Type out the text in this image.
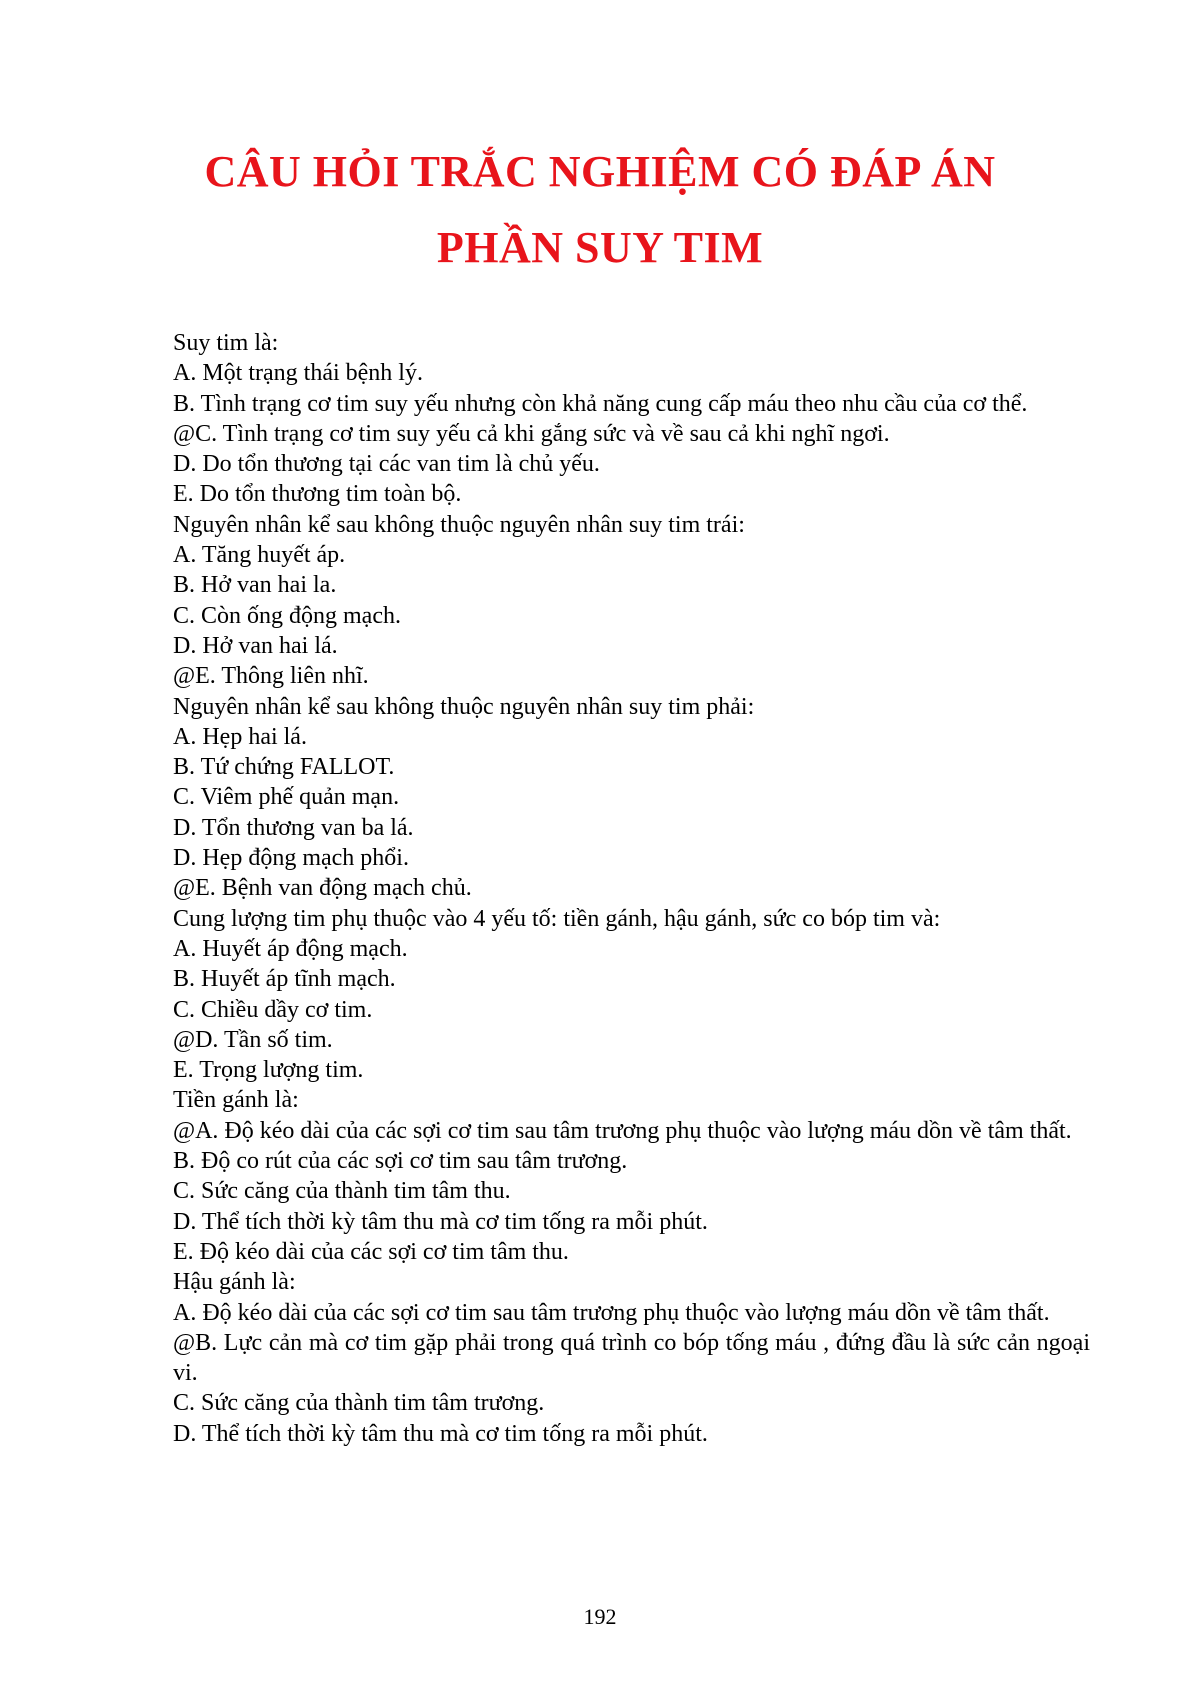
CÂU HỎI TRẮC NGHIỆM CÓ ĐÁP ÁN
PHẦN SUY TIM

Suy tim là:

A. Một trạng thái bệnh lý.

B. Tình trạng cơ tim suy yếu nhưng còn khả năng cung cấp máu theo nhu cầu của cơ thể.

@C. Tình trạng cơ tim suy yếu cả khi gắng sức và về sau cả khi nghĩ ngơi.

D. Do tổn thương tại các van tim là chủ yếu.

E. Do tổn thương tim toàn bộ.

Nguyên nhân kể sau không thuộc nguyên nhân suy tim trái:

A. Tăng huyết áp.

B. Hở van hai la.

C. Còn ống động mạch.

D. Hở van hai lá.

@E. Thông liên nhĩ.

Nguyên nhân kể sau không thuộc nguyên nhân suy tim phải:

A. Hẹp hai lá.

B. Tứ chứng FALLOT.

C. Viêm phế quản mạn.

D. Tổn thương van ba lá.

D. Hẹp động mạch phổi.

@E. Bệnh van động mạch chủ.

Cung lượng tim phụ thuộc vào 4 yếu tố: tiền gánh, hậu gánh, sức co bóp tim và:

A. Huyết áp động mạch.

B. Huyết áp tĩnh mạch.

C. Chiều dầy cơ tim.

@D. Tần số tim.

E. Trọng lượng tim.

Tiền gánh là:

@A. Độ kéo dài của các sợi cơ tim sau tâm trương phụ thuộc vào lượng máu dồn về tâm thất.

B. Độ co rút của các sợi cơ tim sau tâm trương.

C. Sức căng của thành tim tâm thu.

D. Thể tích thời kỳ tâm thu mà cơ tim tống ra mỗi phút.

E. Độ kéo dài của các sợi cơ tim tâm thu.

Hậu gánh là:

A. Độ kéo dài của các sợi cơ tim sau tâm trương phụ thuộc vào lượng máu dồn về tâm thất.

@B. Lực cản mà cơ tim gặp phải trong quá trình co bóp tống máu , đứng đầu là sức cản ngoại vi.

C. Sức căng của thành tim tâm trương.

D. Thể tích thời kỳ tâm thu mà cơ tim tống ra mỗi phút.

192
